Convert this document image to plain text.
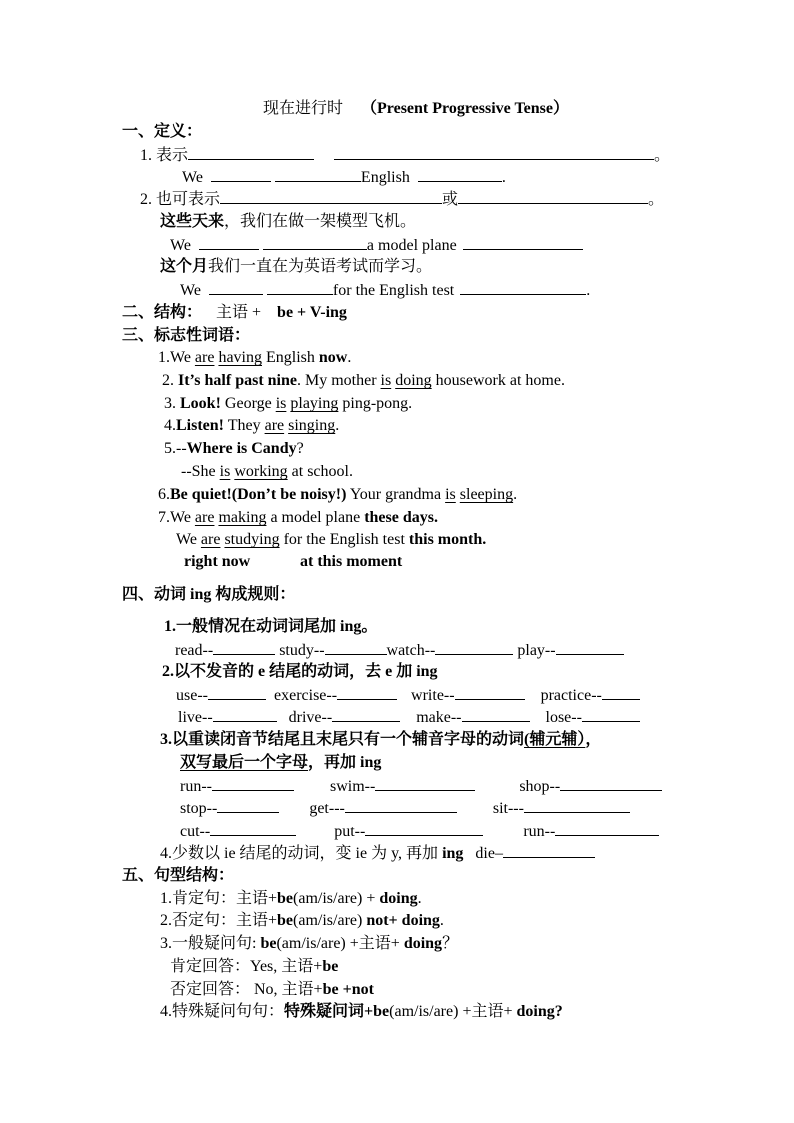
现在进行时 （Present Progressive Tense）
一、定义：
1. 表示	。
We	English	.
2. 也可表示	或	。
这些天来，我们在做一架模型飞机。
We	a model plane
这个月我们一直在为英语考试而学习。
We	for the English test	.
二、结构： 主语 + be + V-ing
三、标志性词语：
1.We are having English now.
2. It’s half past nine. My mother is doing housework at home.
3. Look! George is playing ping-pong.
4.Listen! They are singing.
5.--Where is Candy?
--She is working at school.
6.Be quiet!(Don’t be noisy!) Your grandma is sleeping.
7.We are making a model plane these days.
We are studying for the English test this month.
right now	at this moment
四、动词 ing 构成规则：
1.一般情况在动词词尾加 ing。
read--	study--	watch--	play--
2.以不发音的 e 结尾的动词，去 e 加 ing
use--	exercise--	write--	practice--
live--	drive--	make--	lose--
3.以重读闭音节结尾且末尾只有一个辅音字母的动词(辅元辅），
双写最后一个字母，再加 ing
run--	swim--	shop--
stop--	get---	sit---
cut--	put--	run--
4.少数以 ie 结尾的动词，变 ie 为 y, 再加 ing die–
五、句型结构：
1.肯定句：主语+be(am/is/are) + doing.
2.否定句：主语+be(am/is/are) not+ doing.
3.一般疑问句: be(am/is/are) +主语+ doing？
肯定回答：Yes, 主语+be
否定回答： No, 主语+be +not
4.特殊疑问句句：特殊疑问词+be(am/is/are) +主语+ doing?
